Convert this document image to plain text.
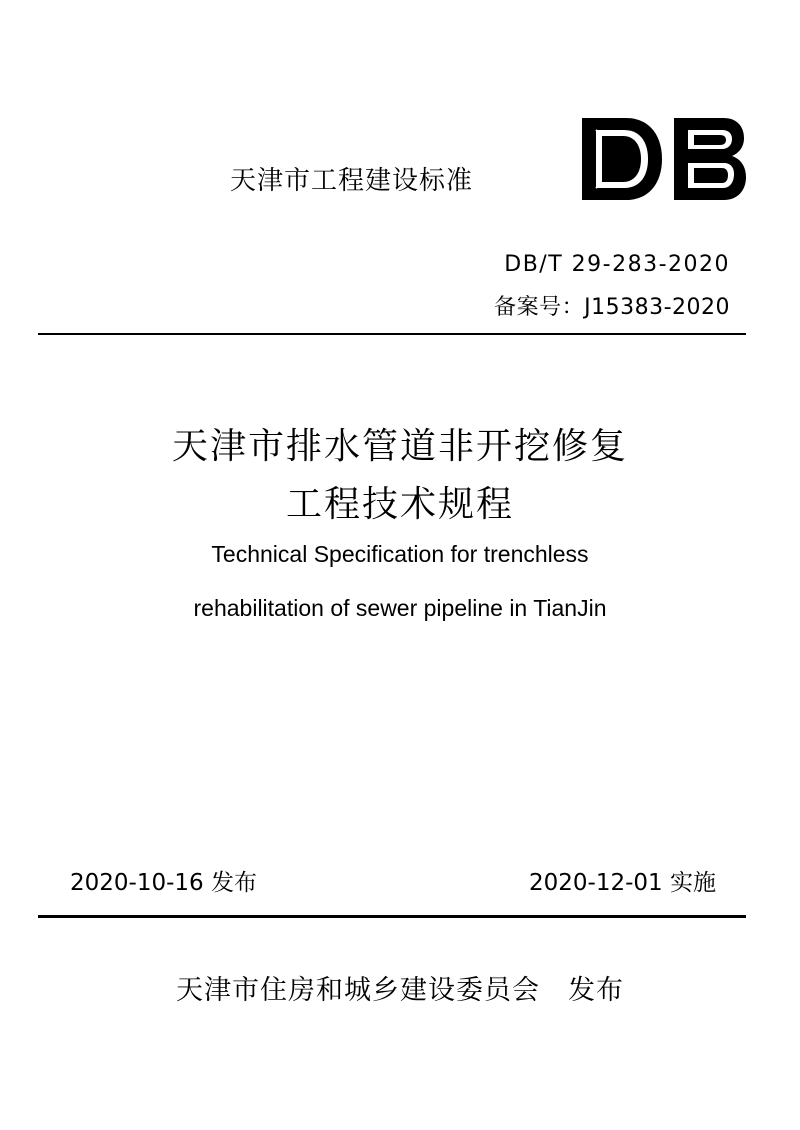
天津市工程建设标准
DB/T 29-283-2020
备案号：J15383-2020
天津市排水管道非开挖修复
工程技术规程
Technical Specification for trenchless
rehabilitation of sewer pipeline in TianJin
2020-10-16 发布	2020-12-01 实施
天津市住房和城乡建设委员会　发布
